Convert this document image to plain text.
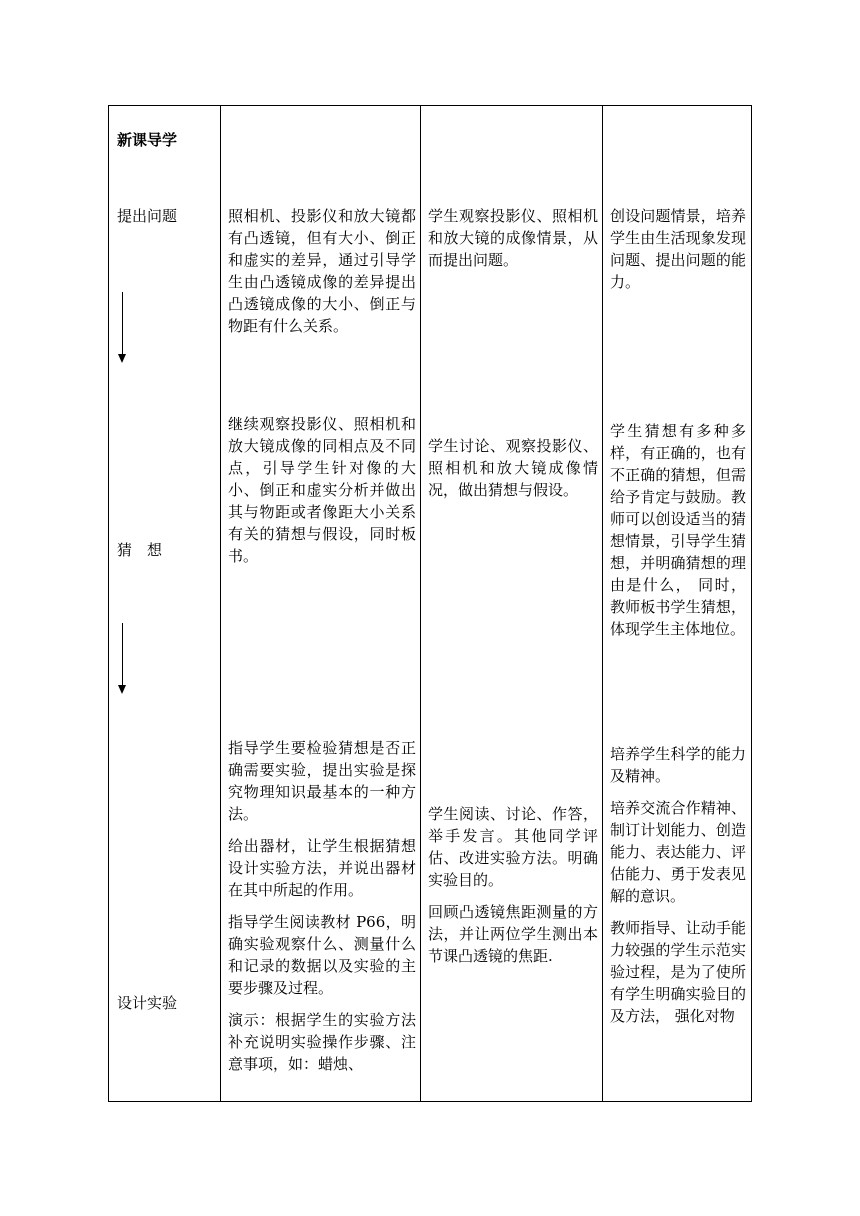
新课导学
提出问题
猜　想
设计实验

照相机、投影仪和放大镜都有凸透镜，但有大小、倒正和虚实的差异，通过引导学生由凸透镜成像的差异提出凸透镜成像的大小、倒正与物距有什么关系。

学生观察投影仪、照相机和放大镜的成像情景，从而提出问题。

创设问题情景，培养学生由生活现象发现问题、提出问题的能力。

继续观察投影仪、照相机和放大镜成像的同相点及不同点，引导学生针对像的大小、倒正和虚实分析并做出其与物距或者像距大小关系有关的猜想与假设，同时板书。

学生讨论、观察投影仪、照相机和放大镜成像情况，做出猜想与假设。

学生猜想有多种多样，有正确的，也有不正确的猜想，但需给予肯定与鼓励。教师可以创设适当的猜想情景，引导学生猜想，并明确猜想的理由是什么， 同时，教师板书学生猜想，体现学生主体地位。

指导学生要检验猜想是否正确需要实验，提出实验是探究物理知识最基本的一种方法。

给出器材，让学生根据猜想设计实验方法，并说出器材在其中所起的作用。

指导学生阅读教材 P66，明确实验观察什么、测量什么和记录的数据以及实验的主要步骤及过程。

演示：根据学生的实验方法补充说明实验操作步骤、注意事项，如：蜡烛、

学生阅读、讨论、作答，举手发言。其他同学评估、改进实验方法。明确实验目的。

回顾凸透镜焦距测量的方法，并让两位学生测出本节课凸透镜的焦距.

培养学生科学的能力及精神。

培养交流合作精神、制订计划能力、创造能力、表达能力、评估能力、勇于发表见解的意识。

教师指导、让动手能力较强的学生示范实验过程，是为了使所有学生明确实验目的及方法， 强化对物
